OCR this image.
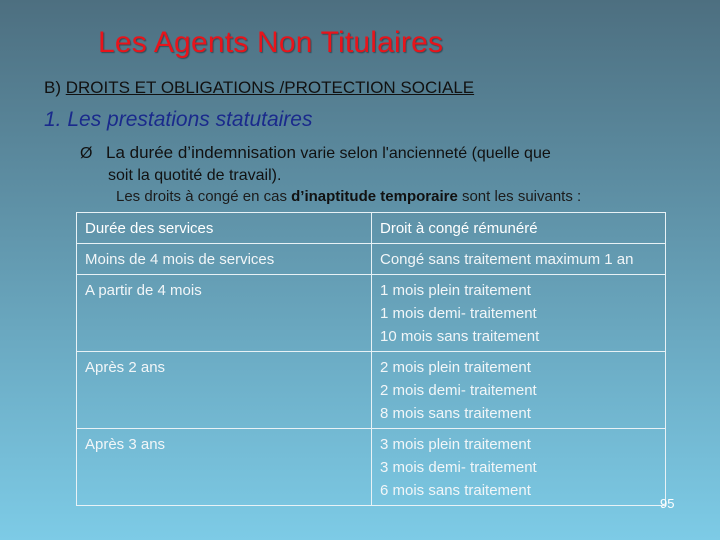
Les Agents Non Titulaires
B) DROITS ET OBLIGATIONS /PROTECTION SOCIALE
1. Les prestations statutaires
Ø La durée d’indemnisation varie selon l'ancienneté (quelle que
soit la quotité de travail).
Les droits à congé en cas d’inaptitude temporaire sont les suivants :
Durée des services	Droit à congé rémunéré
Moins de 4 mois de services	Congé sans traitement maximum 1 an

A partir de 4 mois	1 mois plein traitement
1 mois demi- traitement
10 mois sans traitement

Après 2 ans	2 mois plein traitement
2 mois demi- traitement
8 mois sans traitement

Après 3 ans	3 mois plein traitement
3 mois demi- traitement
6 mois sans traitement
95
